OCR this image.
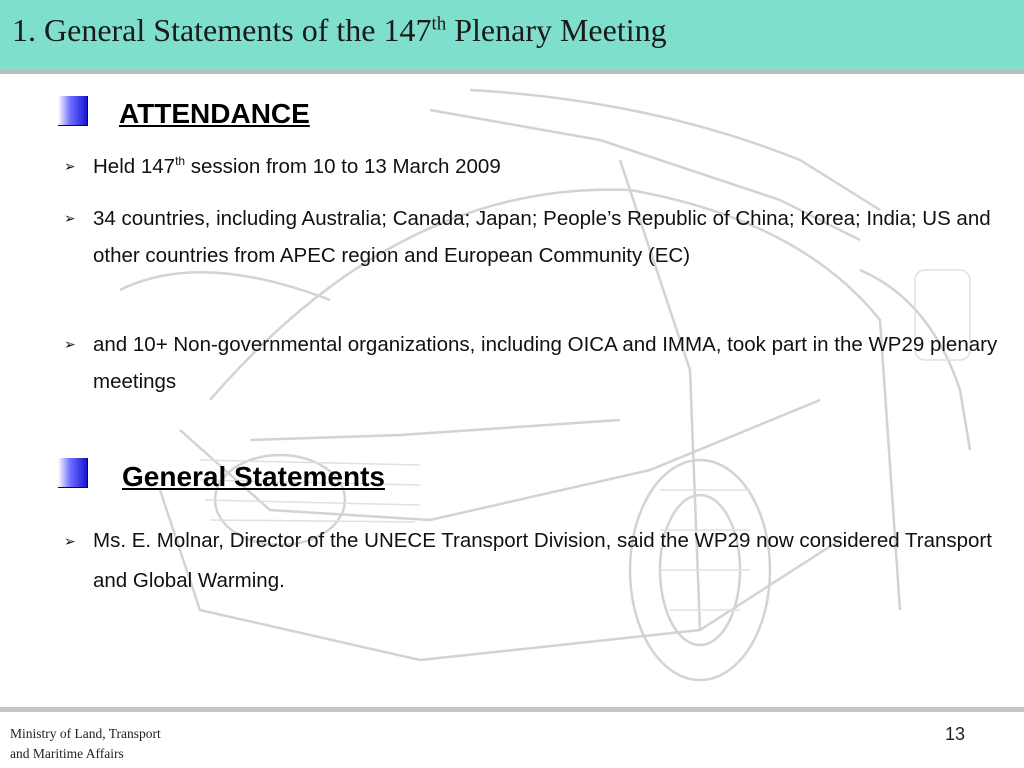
1. General Statements of the 147th Plenary Meeting
ATTENDANCE
➢ Held 147th session from 10 to 13 March 2009
➢ 34 countries, including Australia; Canada; Japan; People’s Republic of China; Korea; India; US and other countries from APEC region and European Community (EC)
➢ and 10+ Non-governmental organizations, including OICA and IMMA, took part in the WP29 plenary meetings
General Statements
➢ Ms. E. Molnar, Director of the UNECE Transport Division, said the WP29 now considered Transport and Global Warming.
Ministry of Land, Transport
and Maritime Affairs
13
